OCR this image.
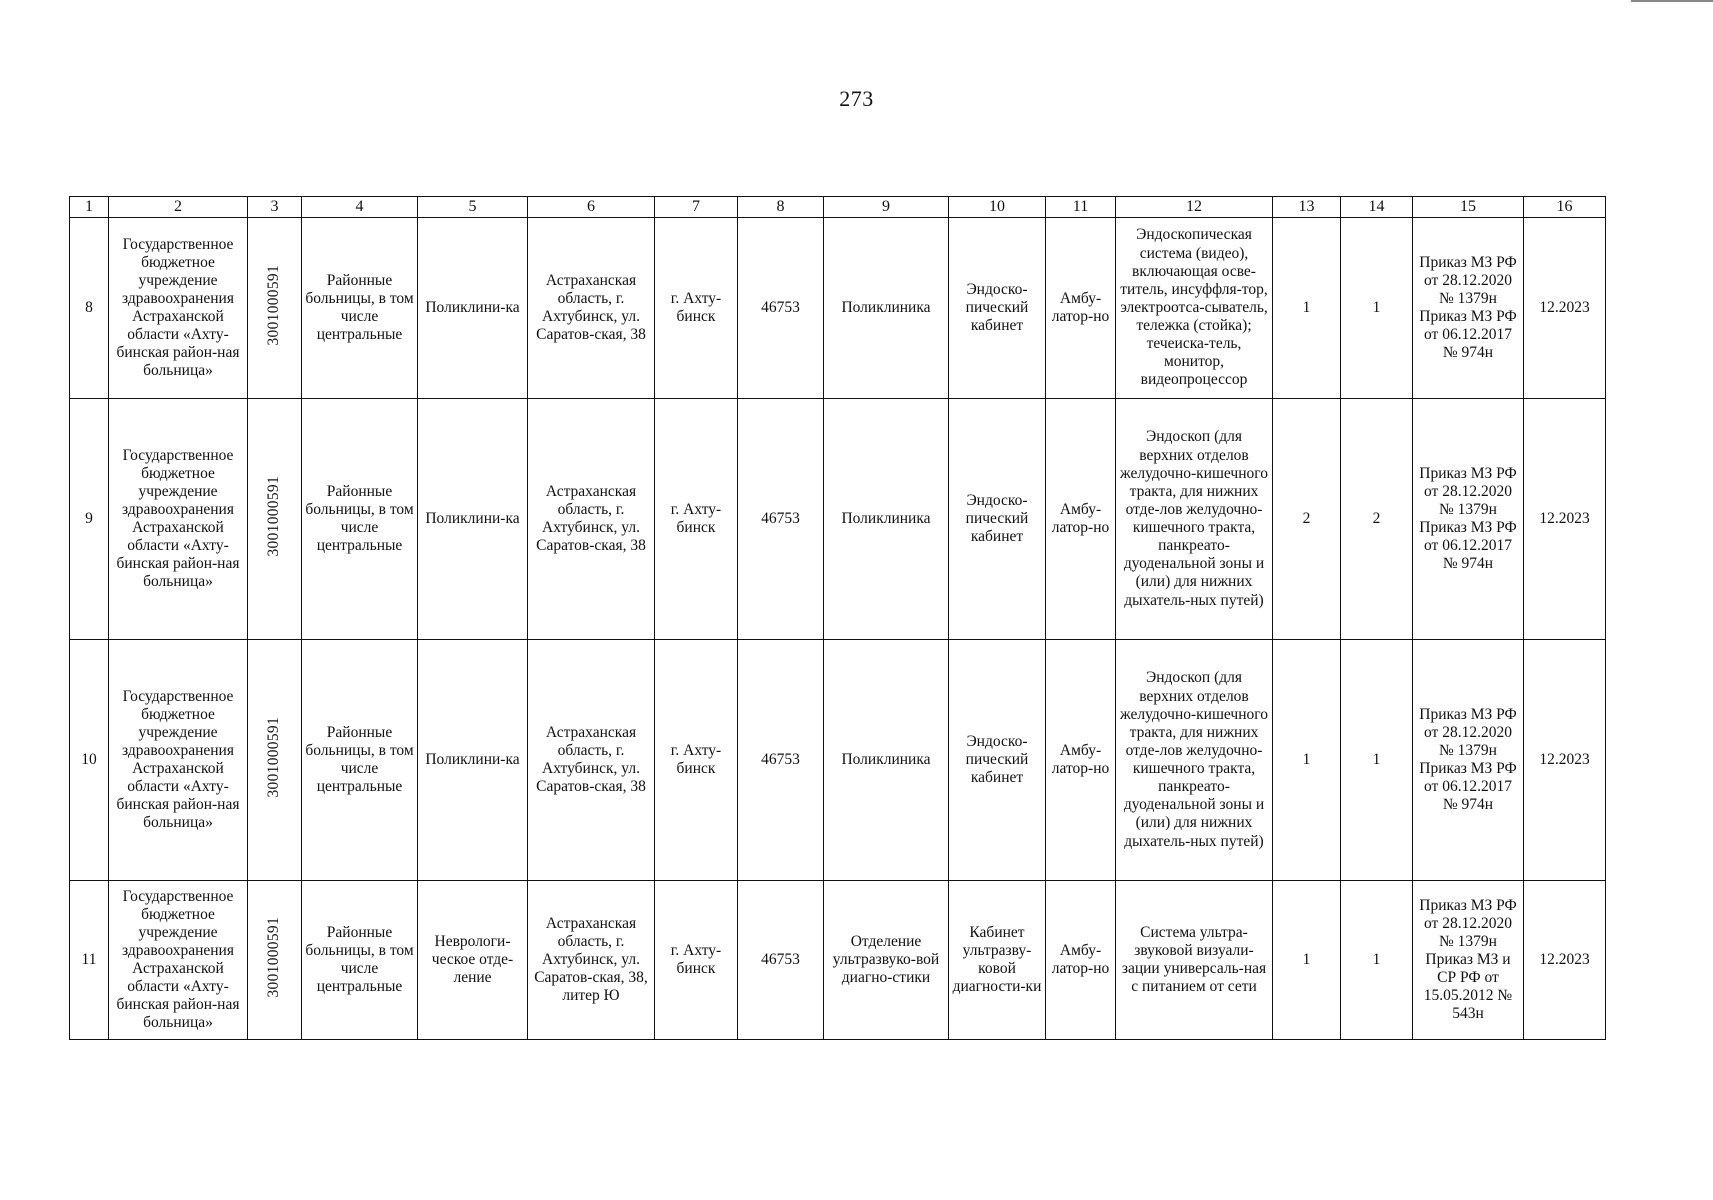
273
1	2	3	4	5	6	7	8	9	10	11	12	13	14	15	16
8	Государственное бюджетное учреждение здравоохранения Астраханской области «Ахту-бинская район-ная больница»	3001000591	Районные больницы, в том числе центральные	Поликлини-ка	Астраханская область, г. Ахтубинск, ул. Саратов-ская, 38	г. Ахту-бинск	46753	Поликлиника	Эндоско-пический кабинет	Амбу-латор-но	Эндоскопическая система (видео), включающая осве-титель, инсуффля-тор, электроотса-сыватель, тележка (стойка); течеиска-тель, монитор, видеопроцессор	1	1	Приказ МЗ РФ от 28.12.2020 № 1379н Приказ МЗ РФ от 06.12.2017 № 974н	12.2023
9	Государственное бюджетное учреждение здравоохранения Астраханской области «Ахту-бинская район-ная больница»	3001000591	Районные больницы, в том числе центральные	Поликлини-ка	Астраханская область, г. Ахтубинск, ул. Саратов-ская, 38	г. Ахту-бинск	46753	Поликлиника	Эндоско-пический кабинет	Амбу-латор-но	Эндоскоп (для верхних отделов желудочно-кишечного тракта, для нижних отде-лов желудочно-кишечного тракта, панкреато-дуоденальной зоны и (или) для нижних дыхатель-ных путей)	2	2	Приказ МЗ РФ от 28.12.2020 № 1379н Приказ МЗ РФ от 06.12.2017 № 974н	12.2023
10	Государственное бюджетное учреждение здравоохранения Астраханской области «Ахту-бинская район-ная больница»	3001000591	Районные больницы, в том числе центральные	Поликлини-ка	Астраханская область, г. Ахтубинск, ул. Саратов-ская, 38	г. Ахту-бинск	46753	Поликлиника	Эндоско-пический кабинет	Амбу-латор-но	Эндоскоп (для верхних отделов желудочно-кишечного тракта, для нижних отде-лов желудочно-кишечного тракта, панкреато-дуоденальной зоны и (или) для нижних дыхатель-ных путей)	1	1	Приказ МЗ РФ от 28.12.2020 № 1379н Приказ МЗ РФ от 06.12.2017 № 974н	12.2023
11	Государственное бюджетное учреждение здравоохранения Астраханской области «Ахту-бинская район-ная больница»	3001000591	Районные больницы, в том числе центральные	Неврологи-ческое отде-ление	Астраханская область, г. Ахтубинск, ул. Саратов-ская, 38, литер Ю	г. Ахту-бинск	46753	Отделение ультразвуко-вой диагно-стики	Кабинет ультразву-ковой диагности-ки	Амбу-латор-но	Система ультра-звуковой визуали-зации универсаль-ная с питанием от сети	1	1	Приказ МЗ РФ от 28.12.2020 № 1379н Приказ МЗ и СР РФ от 15.05.2012 № 543н	12.2023
